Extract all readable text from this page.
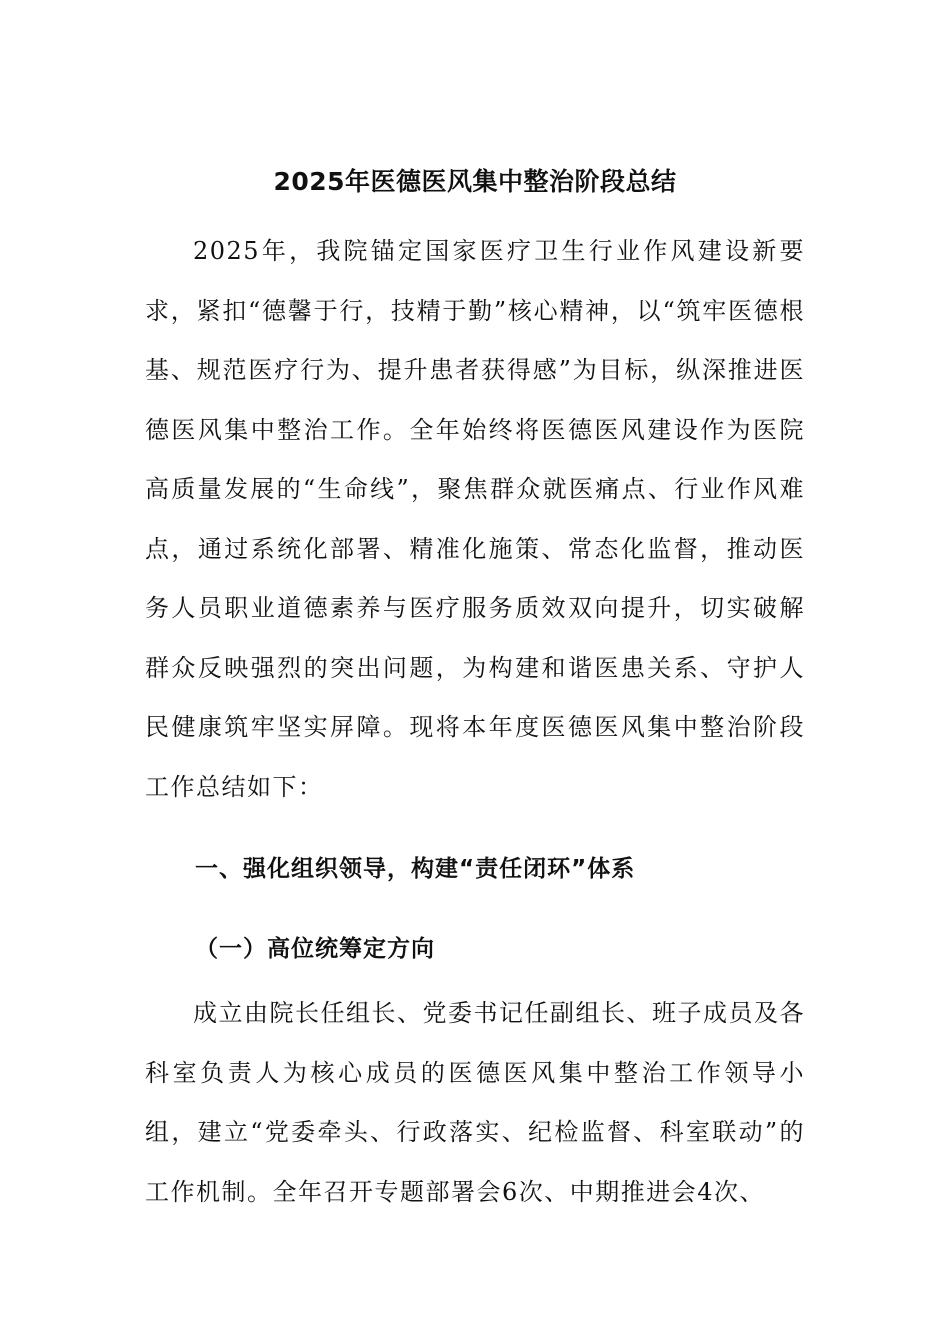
2025年医德医风集中整治阶段总结

2025年，我院锚定国家医疗卫生行业作风建设新要求，紧扣“德馨于行，技精于勤”核心精神，以“筑牢医德根基、规范医疗行为、提升患者获得感”为目标，纵深推进医德医风集中整治工作。全年始终将医德医风建设作为医院高质量发展的“生命线”，聚焦群众就医痛点、行业作风难点，通过系统化部署、精准化施策、常态化监督，推动医务人员职业道德素养与医疗服务质效双向提升，切实破解群众反映强烈的突出问题，为构建和谐医患关系、守护人民健康筑牢坚实屏障。现将本年度医德医风集中整治阶段工作总结如下：

一、强化组织领导，构建“责任闭环”体系
（一）高位统筹定方向

成立由院长任组长、党委书记任副组长、班子成员及各科室负责人为核心成员的医德医风集中整治工作领导小组，建立“党委牵头、行政落实、纪检监督、科室联动”的工作机制。全年召开专题部署会6次、中期推进会4次、
